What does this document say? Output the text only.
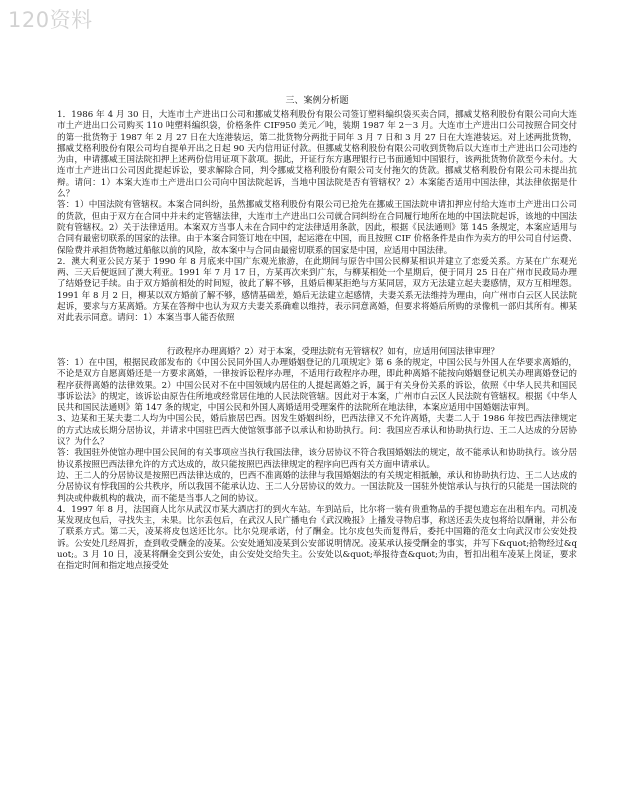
120资料
三、案例分析题

1．1986 年 4 月 30 日，大连市土产进出口公司和挪威艾格利股份有限公司签订塑料编织袋买卖合同，挪威艾格利股份有限公司向大连市土产进出口公司购买 110 吨塑料编织袋，价格条件 CIF950 美元／吨，装期 1987 年 2－3 月。大连市土产进出口公司按照合同交付的第一批货物于 1987 年 2 月 27 日在大连港装运，第二批货物分两批于同年 3 月 7 日和 3 月 27 日在大连港装运。对上述两批货物，挪威艾格利股份有限公司均自提单开出之日起 90 天内信用证付款。但挪威艾格利股份有限公司收到货物后以大连市土产进出口公司违约为由，申请挪威王国法院扣押上述两份信用证项下款项。据此，开证行东方惠理银行已书面通知中国银行，该两批货物价款至今未付。大连市土产进出口公司因此提起诉讼，要求解除合同，判令挪威艾格利股份有限公司支付拖欠的货款。挪威艾格利股份有限公司未提出抗辩。请问：1）本案大连市土产进出口公司向中国法院起诉，当地中国法院是否有管辖权？2）本案能否适用中国法律，其法律依据是什么？

答：1）中国法院有管辖权。本案合同纠纷，虽然挪威艾格利股份有限公司已抢先在挪威王国法院申请扣押应付给大连市土产进出口公司的货款，但由于双方在合同中并未约定管辖法律，大连市土产进出口公司就合同纠纷在合同履行地所在地的中国法院起诉，该地的中国法院有管辖权。2）关于法律适用。本案双方当事人未在合同中约定法律适用条款，因此，根据《民法通则》第 145 条规定，本案应适用与合同有最密切联系的国家的法律。由于本案合同签订地在中国，起运港在中国，而且按照 CIF 价格条件是由作为卖方的甲公司自付运费、保险费并承担货物越过船舷以前的风险，故本案中与合同由最密切联系的国家是中国，应适用中国法律。

2．澳大利亚公民方某于 1990 年 8 月底来中国广东观光旅游，在此期间与原告中国公民柳某相识并建立了恋爱关系。方某在广东观光两、三天后便返回了澳大利亚。1991 年 7 月 17 日，方某再次来到广东，与柳某相处一个星期后，便于同月 25 日在广州市民政局办理了结婚登记手续。由于双方婚前相处的时间短，彼此了解不够，且婚后柳某拒绝与方某同居，双方无法建立起夫妻感情，双方互相埋怨。1991 年 8 月 2 日，柳某以双方婚前了解不够，感情基础差，婚后无法建立起感情，夫妻关系无法维持为理由，向广州市白云区人民法院起诉，要求与方某离婚。方某在答辩中也认为双方夫妻关系确难以维持，表示同意离婚，但要求将婚后所购的录像机一部归其所有。柳某对此表示同意。请问：1）本案当事人能否依照

行政程序办理离婚？2）对于本案，受理法院有无管辖权？如有，应适用何国法律审理？

答：1）在中国，根据民政部发布的《中国公民同外国人办理婚姻登记的几项规定》第 6 条的规定，中国公民与外国人在华要求离婚的，不论是双方自愿离婚还是一方要求离婚，一律按诉讼程序办理，不适用行政程序办理，即此种离婚不能按向婚姻登记机关办理离婚登记的程序获得离婚的法律效果。2）中国公民对不在中国领域内居住的人提起离婚之诉，属于有关身份关系的诉讼，依照《中华人民共和国民事诉讼法》的规定，该诉讼由原告住所地或经常居住地的人民法院管辖。因此对于本案，广州市白云区人民法院有管辖权。根据《中华人民共和国民法通则》第 147 条的规定，中国公民和外国人离婚适用受理案件的法院所在地法律，本案应适用中国婚姻法审判。

3、边某和王某夫妻二人均为中国公民，婚后旅居巴西。因发生婚姻纠纷，巴西法律又不允许离婚，夫妻二人于 1986 年按巴西法律规定的方式达成长期分居协议，并请求中国驻巴西大使馆领事部予以承认和协助执行。问：我国应否承认和协助执行边、王二人达成的分居协议？为什么？

答：我国驻外使馆办理中国公民间的有关事项应当执行我国法律，该分居协议不符合我国婚姻法的规定，故不能承认和协助执行。该分居协议系按照巴西法律允许的方式达成的，故只能按照巴西法律规定的程序向巴西有关方面申请承认。

边、王二人的分居协议是按照巴西法律达成的，巴西不准离婚的法律与我国婚姻法的有关规定相抵触，承认和协助执行边、王二人达成的分居协议有悖我国的公共秩序，所以我国不能承认边、王二人分居协议的效力。一国法院及一国驻外使馆承认与执行的只能是一国法院的判决或仲裁机构的裁决，而不能是当事人之间的协议。

4．1997 年 8 月，法国商人比尔从武汉市某大酒店打的到火车站。车到站后，比尔将一装有贵重物品的手提包遗忘在出租车内。司机凌某发现皮包后，寻找失主，未果。比尔丢包后，在武汉人民广播电台《武汉晚报》上播发寻物启事，称送还丢失皮包将给以酬谢，并公布了联系方式。第二天，凌某将皮包送还比尔。比尔兑现承诺，付了酬金。比尔皮包失而复得后，委托中国籍的范女士向武汉市公安处投诉。公安处几经周折，查到收受酬金的凌某。公安处通知凌某到公安部说明情况。凌某承认接受酬金的事实，并写下&quot;拾物经过&quot;。3 月 10 日，凌某将酬金交到公安处，由公安处交给失主。公安处以&quot;举报待查&quot;为由，暂扣出租车凌某上岗证，要求在指定时间和指定地点接受处
